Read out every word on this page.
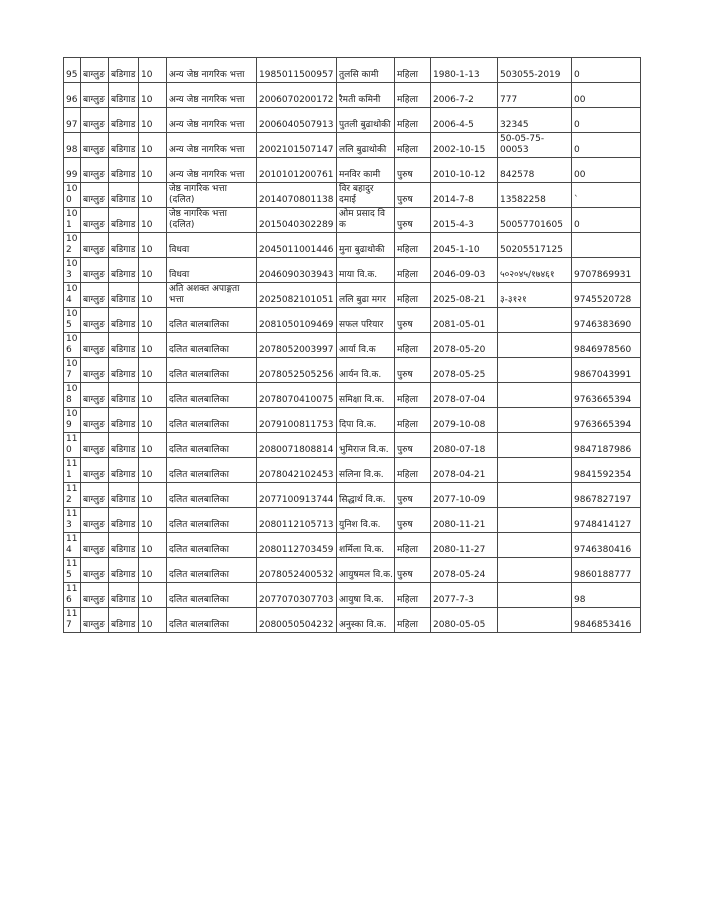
95	बाग्लुङ	बडिगाड	10	अन्य जेष्ठ नागरिक भत्ता	1985011500957	तुलसि कामी	महिला	1980-1-13	503055-2019	0
96	बाग्लुङ	बडिगाड	10	अन्य जेष्ठ नागरिक भत्ता	2006070200172	रैमती कमिनी	महिला	2006-7-2	777	00
97	बाग्लुङ	बडिगाड	10	अन्य जेष्ठ नागरिक भत्ता	2006040507913	पुतली बुढाथोकी	महिला	2006-4-5	32345	0
98	बाग्लुङ	बडिगाड	10	अन्य जेष्ठ नागरिक भत्ता	2002101507147	ललि बुढाथोकी	महिला	2002-10-15	50-05-75-00053	0
99	बाग्लुङ	बडिगाड	10	अन्य जेष्ठ नागरिक भत्ता	2010101200761	मनविर कामी	पुरुष	2010-10-12	842578	00
100	बाग्लुङ	बडिगाड	10	जेष्ठ नागरिक भत्ता (दलित)	2014070801138	विर बहादुर दमाई	पुरुष	2014-7-8	13582258	`
101	बाग्लुङ	बडिगाड	10	जेष्ठ नागरिक भत्ता (दलित)	2015040302289	ओम प्रसाद वि क	पुरुष	2015-4-3	50057701605	0
102	बाग्लुङ	बडिगाड	10	विधवा	2045011001446	मुना बुढाथोकी	महिला	2045-1-10	50205517125	
103	बाग्लुङ	बडिगाड	10	विधवा	2046090303943	माया वि.क.	महिला	2046-09-03	५०२०४५/१७४६१	9707869931
104	बाग्लुङ	बडिगाड	10	अति अशक्त अपाङ्गता भत्ता	2025082101051	ललि बुढा मगर	महिला	2025-08-21	३-३१२१	9745520728
105	बाग्लुङ	बडिगाड	10	दलित बालबालिका	2081050109469	सफल परियार	पुरुष	2081-05-01		9746383690
106	बाग्लुङ	बडिगाड	10	दलित बालबालिका	2078052003997	आर्या वि.क	महिला	2078-05-20		9846978560
107	बाग्लुङ	बडिगाड	10	दलित बालबालिका	2078052505256	आर्यन वि.क.	पुरुष	2078-05-25		9867043991
108	बाग्लुङ	बडिगाड	10	दलित बालबालिका	2078070410075	समिक्षा वि.क.	महिला	2078-07-04		9763665394
109	बाग्लुङ	बडिगाड	10	दलित बालबालिका	2079100811753	दिपा वि.क.	महिला	2079-10-08		9763665394
110	बाग्लुङ	बडिगाड	10	दलित बालबालिका	2080071808814	भुमिराज वि.क.	पुरुष	2080-07-18		9847187986
111	बाग्लुङ	बडिगाड	10	दलित बालबालिका	2078042102453	सलिना वि.क.	महिला	2078-04-21		9841592354
112	बाग्लुङ	बडिगाड	10	दलित बालबालिका	2077100913744	सिद्धार्थ वि.क.	पुरुष	2077-10-09		9867827197
113	बाग्लुङ	बडिगाड	10	दलित बालबालिका	2080112105713	युनिश वि.क.	पुरुष	2080-11-21		9748414127
114	बाग्लुङ	बडिगाड	10	दलित बालबालिका	2080112703459	शर्मिला वि.क.	महिला	2080-11-27		9746380416
115	बाग्लुङ	बडिगाड	10	दलित बालबालिका	2078052400532	आयुषमल वि.क.	पुरुष	2078-05-24		9860188777
116	बाग्लुङ	बडिगाड	10	दलित बालबालिका	2077070307703	आयुषा वि.क.	महिला	2077-7-3		98
117	बाग्लुङ	बडिगाड	10	दलित बालबालिका	2080050504232	अनुस्का वि.क.	महिला	2080-05-05		9846853416
